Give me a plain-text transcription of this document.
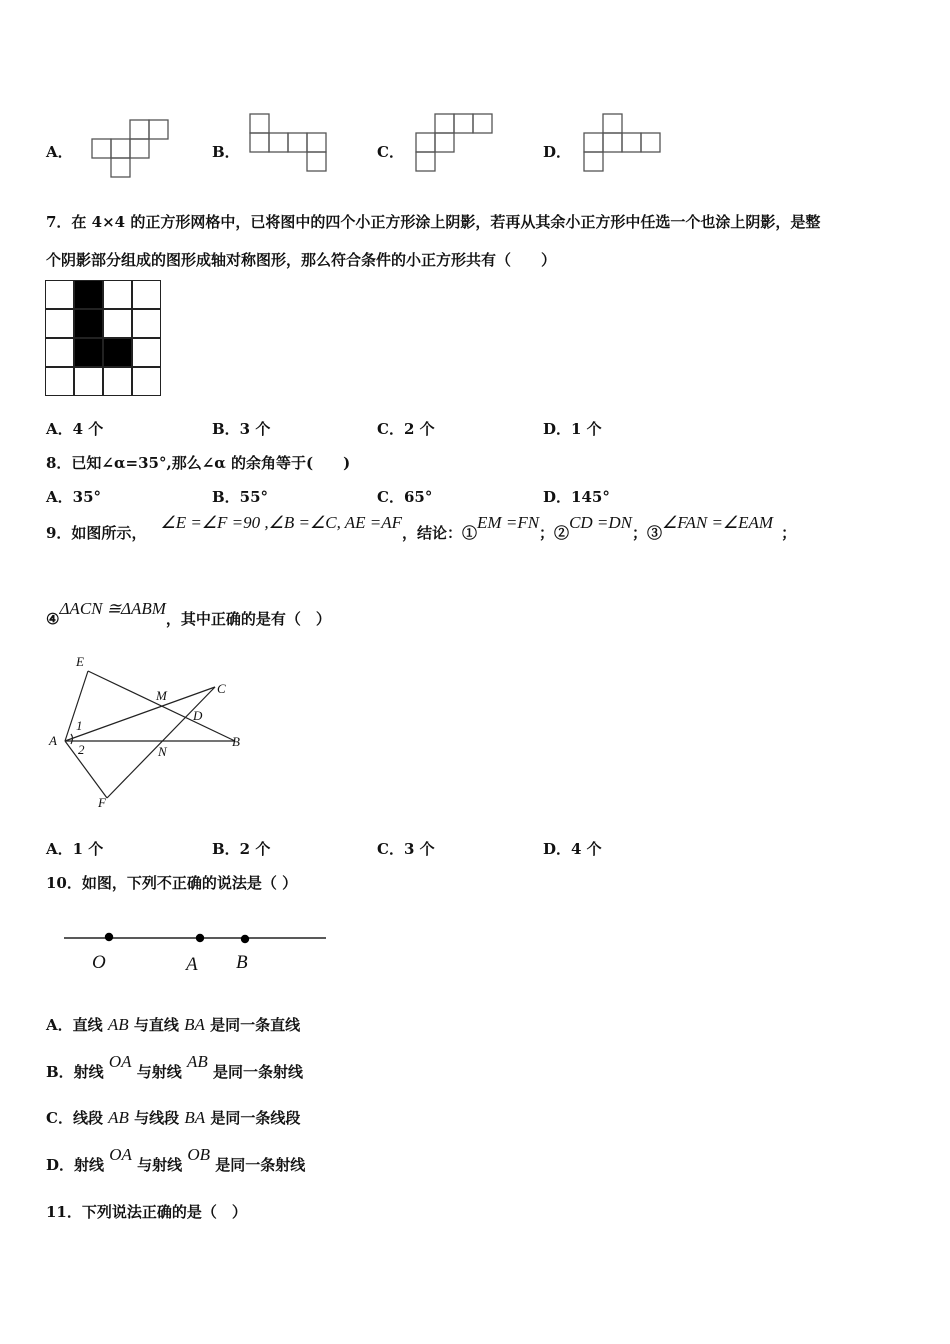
A．	B．	C．	D．
7．在 4×4 的正方形网格中，已将图中的四个小正方形涂上阴影，若再从其余小正方形中任选一个也涂上阴影，是整
个阴影部分组成的图形成轴对称图形，那么符合条件的小正方形共有（　　）
A．4 个	B．3 个	C．2 个	D．1 个
8．已知∠α=35°,那么∠α 的余角等于(　　)
A．35°	B．55°	C．65°	D．145°
9．如图所示，∠E =∠F =90 ,∠B =∠C, AE =AF，结论：①EM =FN；②CD =DN；③∠FAN =∠EAM；
④ΔACN ≅ΔABM，其中正确的是有（　）
E
M	C
1
D
A
2	N
B
F
A．1 个	B．2 个	C．3 个	D．4 个
10．如图，下列不正确的说法是（ ）
O	A B
A．直线 AB 与直线 BA 是同一条直线
B．射线 OA 与射线 AB 是同一条射线
C．线段 AB 与线段 BA 是同一条线段
D．射线 OA 与射线 OB 是同一条射线
11．下列说法正确的是（　）
